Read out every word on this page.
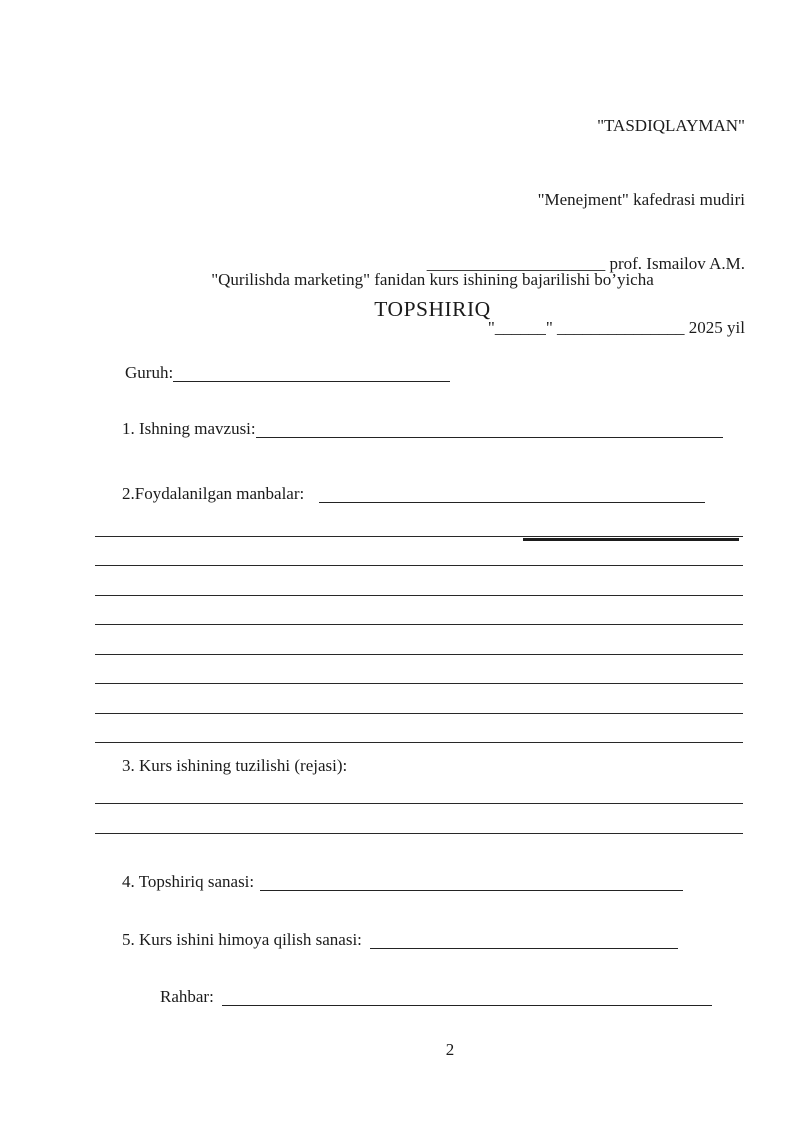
"TASDIQLAYMAN"

"Menejment" kafedrasi mudiri

_____________________ prof. Ismailov A.M.

"______" _______________ 2025 yil

"Qurilishda marketing" fanidan kurs ishining bajarilishi bo’yicha
TOPSHIRIQ
Guruh:
1. Ishning mavzusi:
2.Foydalanilgan manbalar:
3. Kurs ishining tuzilishi (rejasi):
4. Topshiriq sanasi:
5. Kurs ishini himoya qilish sanasi:
Rahbar:
2
